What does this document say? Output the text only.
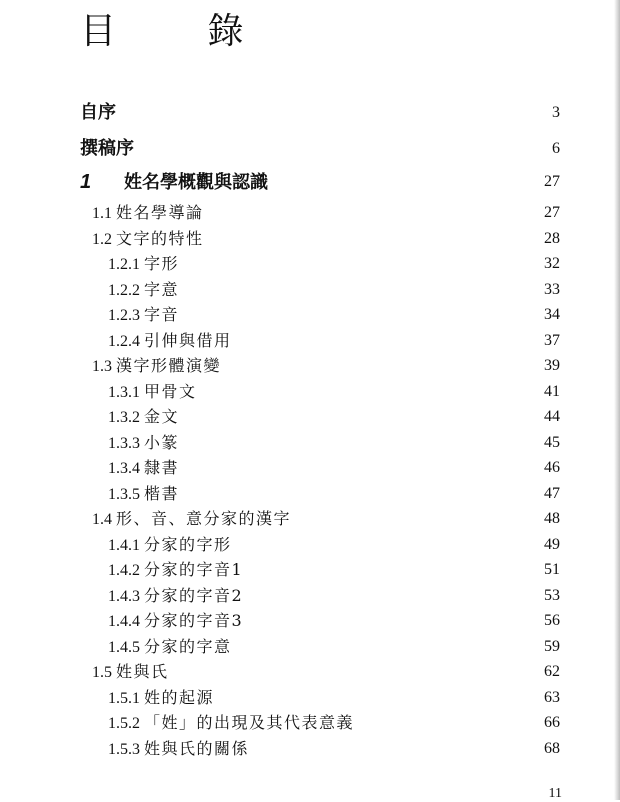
目 錄
自序	3
撰稿序	6
1 姓名學概觀與認識	27
1.1 姓名學導論	27
1.2 文字的特性	28
1.2.1 字形	32
1.2.2 字意	33
1.2.3 字音	34
1.2.4 引伸與借用	37
1.3 漢字形體演變	39
1.3.1 甲骨文	41
1.3.2 金文	44
1.3.3 小篆	45
1.3.4 隸書	46
1.3.5 楷書	47
1.4 形、音、意分家的漢字	48
1.4.1 分家的字形	49
1.4.2 分家的字音1	51
1.4.3 分家的字音2	53
1.4.4 分家的字音3	56
1.4.5 分家的字意	59
1.5 姓與氏	62
1.5.1 姓的起源	63
1.5.2 「姓」的出現及其代表意義	66
1.5.3 姓與氏的關係	68
11
